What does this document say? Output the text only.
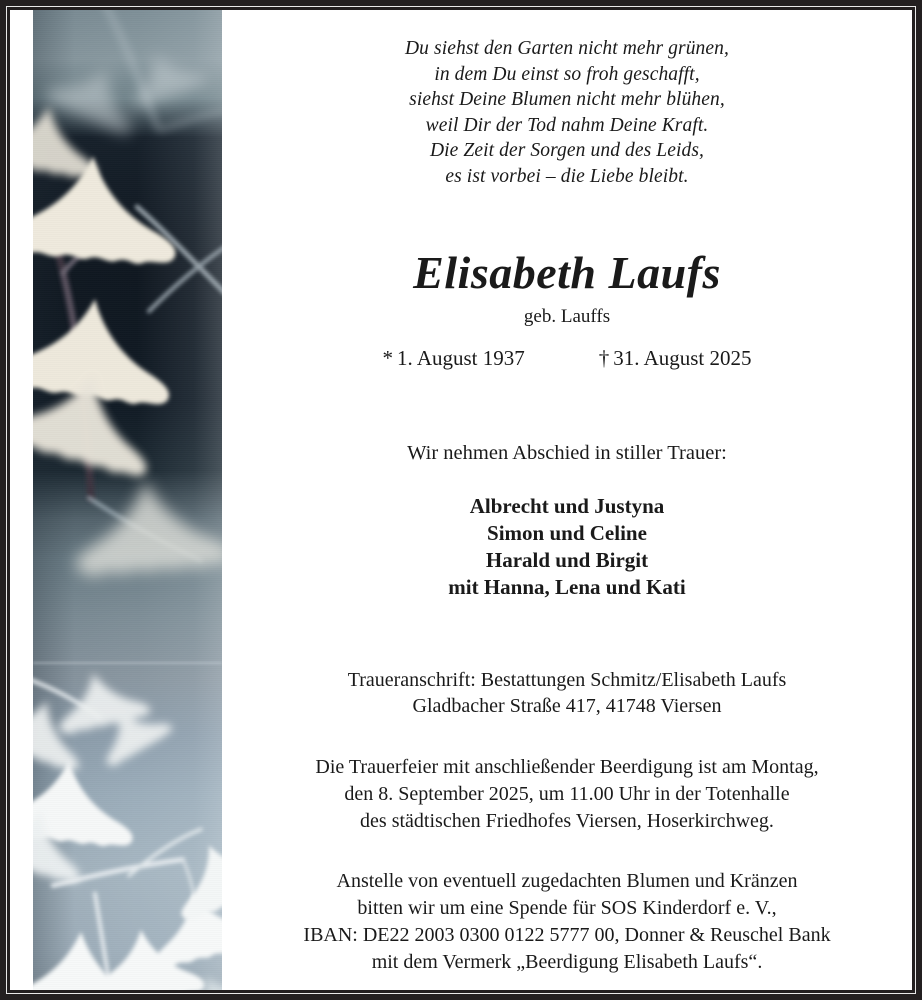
Du siehst den Garten nicht mehr grünen,
in dem Du einst so froh geschafft,
siehst Deine Blumen nicht mehr blühen,
weil Dir der Tod nahm Deine Kraft.
Die Zeit der Sorgen und des Leids,
es ist vorbei – die Liebe bleibt.
Elisabeth Laufs
geb. Lauffs
* 1. August 1937	† 31. August 2025
Wir nehmen Abschied in stiller Trauer:
Albrecht und Justyna
Simon und Celine
Harald und Birgit
mit Hanna, Lena und Kati
Traueranschrift: Bestattungen Schmitz/Elisabeth Laufs
Gladbacher Straße 417, 41748 Viersen
Die Trauerfeier mit anschließender Beerdigung ist am Montag,
den 8. September 2025, um 11.00 Uhr in der Totenhalle
des städtischen Friedhofes Viersen, Hoserkirchweg.
Anstelle von eventuell zugedachten Blumen und Kränzen
bitten wir um eine Spende für SOS Kinderdorf e. V.,
IBAN: DE22 2003 0300 0122 5777 00, Donner & Reuschel Bank
mit dem Vermerk „Beerdigung Elisabeth Laufs“.
